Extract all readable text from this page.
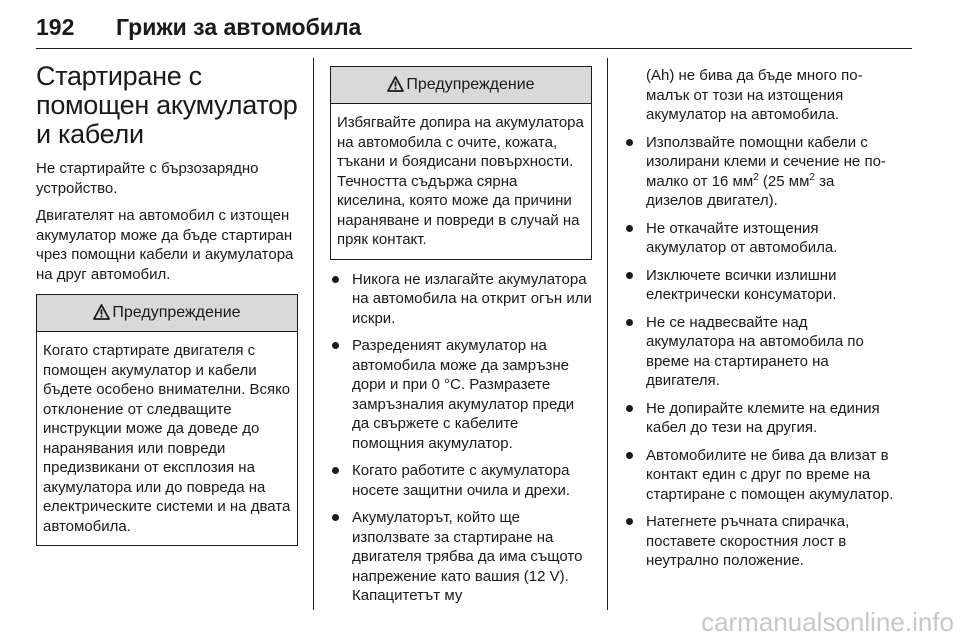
192 Грижи за автомобила
Стартиране с помощен акумулатор и кабели

Не стартирайте с бързозарядно устройство.

Двигателят на автомобил с изтощен акумулатор може да бъде стартиран чрез помощни кабели и акумулатора на друг автомобил.

Предупреждение
Когато стартирате двигателя с помощен акумулатор и кабели бъдете особено внимателни. Всяко отклонение от следващите инструкции може да доведе до наранявания или повреди предизвикани от експлозия на акумулатора или до повреда на електрическите системи и на двата автомобила.
Предупреждение
Избягвайте допира на акумулатора на автомобила с очите, кожата, тъкани и боядисани повърхности. Течността съдържа сярна киселина, която може да причини нараняване и повреди в случай на пряк контакт.
Никога не излагайте акумулатора на автомобила на открит огън или искри.
Разреденият акумулатор на автомобила може да замръзне дори и при 0 °C. Размразете замръзналия акумулатор преди да свържете с кабелите помощния акумулатор.
Когато работите с акумулатора носете защитни очила и дрехи.
Акумулаторът, който ще използвате за стартиране на двигателя трябва да има същото напрежение като вашия (12 V). Капацитетът му

(Ah) не бива да бъде много по-малък от този на изтощения акумулатор на автомобила.

Използвайте помощни кабели с изолирани клеми и сечение не по-малко от 16 $мм^2$ (25 $мм^2$ за дизелов двигател).
Не откачайте изтощения акумулатор от автомобила.
Изключете всички излишни електрически консуматори.
Не се надвесвайте над акумулатора на автомобила по време на стартирането на двигателя.
Не допирайте клемите на единия кабел до тези на другия.
Автомобилите не бива да влизат в контакт един с друг по време на стартиране с помощен акумулатор.
Натегнете ръчната спирачка, поставете скоростния лост в неутрално положение.
carmanualsonline.info
